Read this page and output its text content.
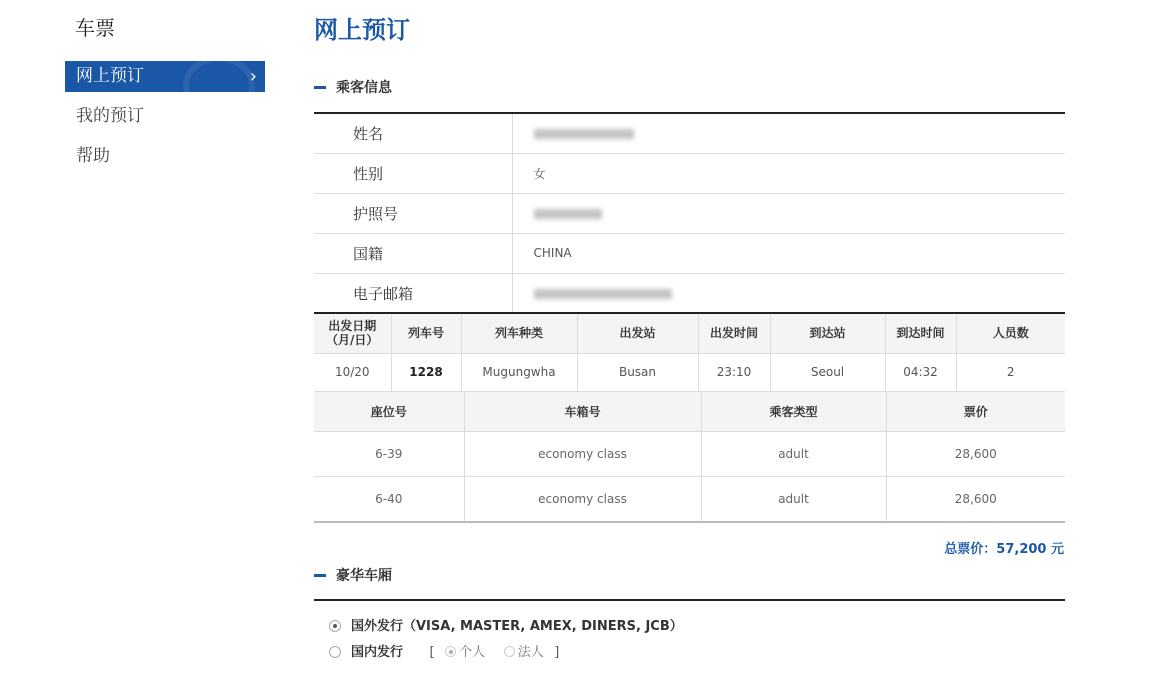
车票
网上预订	›
我的预订
帮助
网上预订
乘客信息
姓名	
性别	女
护照号	
国籍	CHINA
电子邮箱	
出发日期
（月/日）	列车号	列车种类	出发站	出发时间	到达站	到达时间	人员数
10/20	1228	Mugungwha	Busan	23:10	Seoul	04:32	2
座位号	车箱号	乘客类型	票价
6-39	economy class	adult	28,600
6-40	economy class	adult	28,600
总票价：57,200 元
豪华车厢
国外发行（VISA, MASTER, AMEX, DINERS, JCB）
国内发行 [ 个人	法人 ]
